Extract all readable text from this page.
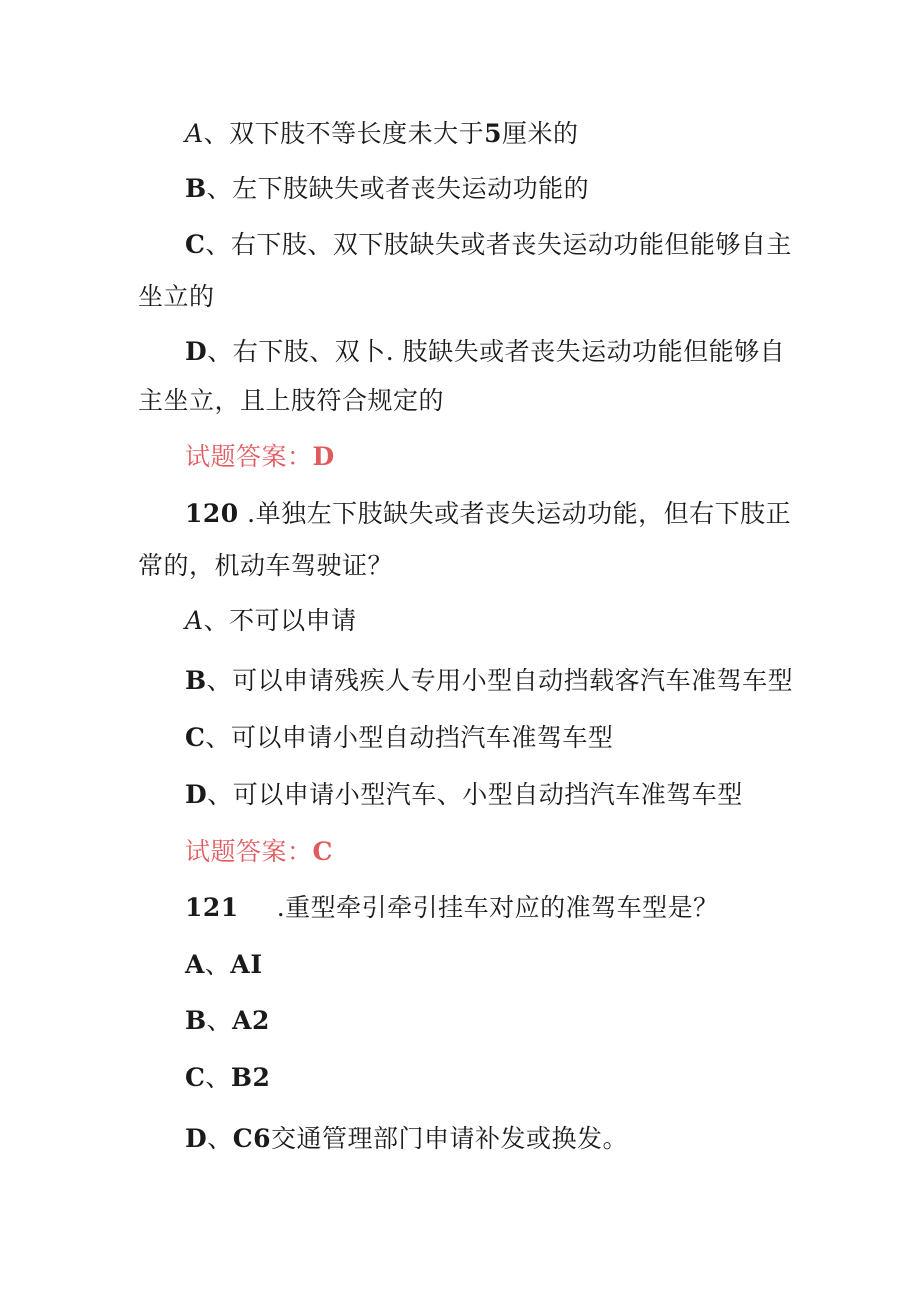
A、双下肢不等长度未大于5厘米的
B、左下肢缺失或者丧失运动功能的
C、右下肢、双下肢缺失或者丧失运动功能但能够自主
坐立的
D、右下肢、双卜. 肢缺失或者丧失运动功能但能够自
主坐立，且上肢符合规定的
试题答案：D
120 .单独左下肢缺失或者丧失运动功能，但右下肢正
常的，机动车驾驶证？
A、不可以申请
B、可以申请残疾人专用小型自动挡载客汽车准驾车型
C、可以申请小型自动挡汽车准驾车型
D、可以申请小型汽车、小型自动挡汽车准驾车型
试题答案：C
121 .重型牵引牵引挂车对应的准驾车型是？
A、AI
B、A2
C、B2
D、C6交通管理部门申请补发或换发。
